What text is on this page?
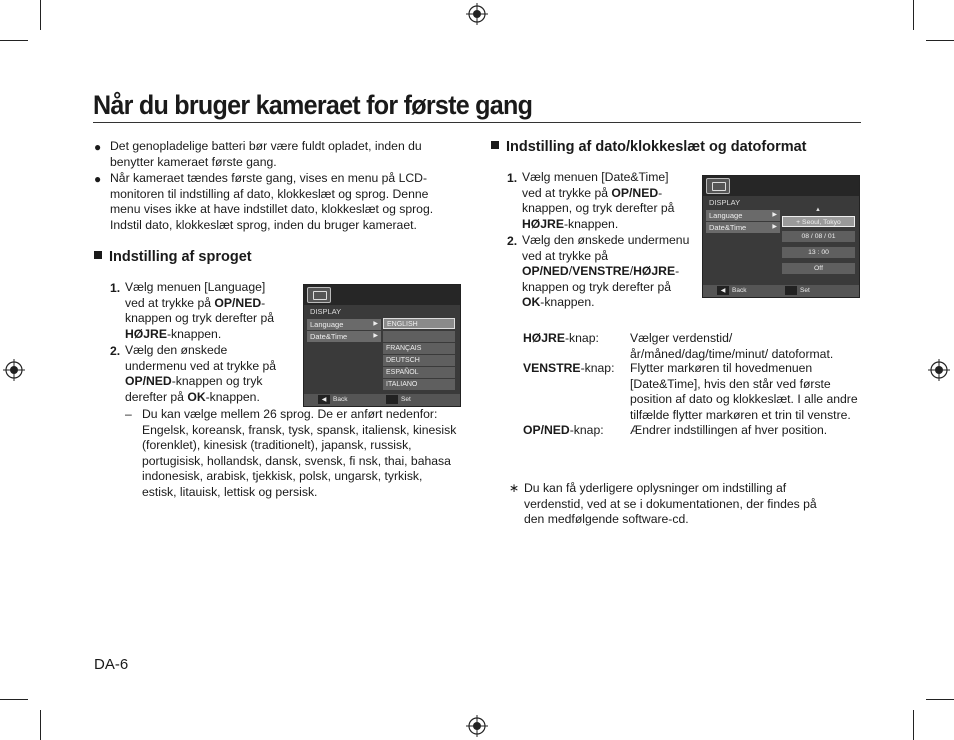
Når du bruger kameraet for første gang
● Det genopladelige batteri bør være fuldt opladet, inden du benytter kameraet første gang.
● Når kameraet tændes første gang, vises en menu på LCD-monitoren til indstilling af dato, klokkeslæt og sprog. Denne menu vises ikke at have indstillet dato, klokkeslæt og sprog. Indstil dato, klokkeslæt sprog, inden du bruger kameraet.
Indstilling af sproget
1. Vælg menuen [Language] ved at trykke på OP/NED-knappen og tryk derefter på HØJRE-knappen.
2. Vælg den ønskede undermenu ved at trykke på OP/NED-knappen og tryk derefter på OK-knappen.
– Du kan vælge mellem 26 sprog. De er anført nedenfor: Engelsk, koreansk, fransk, tysk, spansk, italiensk, kinesisk (forenklet), kinesisk (traditionelt), japansk, russisk, portugisisk, hollandsk, dansk, svensk, fi nsk, thai, bahasa indonesisk, arabisk, tjekkisk, polsk, ungarsk, tyrkisk, estisk, litauisk, lettisk og persisk.
DISPLAY
Language	▶
Date&Time	▶
ENGLISH
FRANÇAIS
DEUTSCH
ESPAÑOL
ITALIANO
◀ Back	Set
Indstilling af dato/klokkeslæt og datoformat
1. Vælg menuen [Date&Time] ved at trykke på OP/NED-knappen, og tryk derefter på HØJRE-knappen.
2. Vælg den ønskede undermenu ved at trykke på OP/NED/VENSTRE/HØJRE-knappen og tryk derefter på OK-knappen.
DISPLAY
Language	▶
Date&Time	▶
▲
+ Seoul, Tokyo
08 / 08 / 01
13 : 00
Off
◀ Back	Set
HØJRE-knap:	Vælger verdenstid/år/måned/dag/time/minut/ datoformat.
VENSTRE-knap: Flytter markøren til hovedmenuen [Date&Time], hvis den står ved første position af dato og klokkeslæt. I alle andre tilfælde flytter markøren et trin til venstre.
OP/NED-knap: Ændrer indstillingen af hver position.
∗ Du kan få yderligere oplysninger om indstilling af verdenstid, ved at se i dokumentationen, der findes på den medfølgende software-cd.
DA-6
